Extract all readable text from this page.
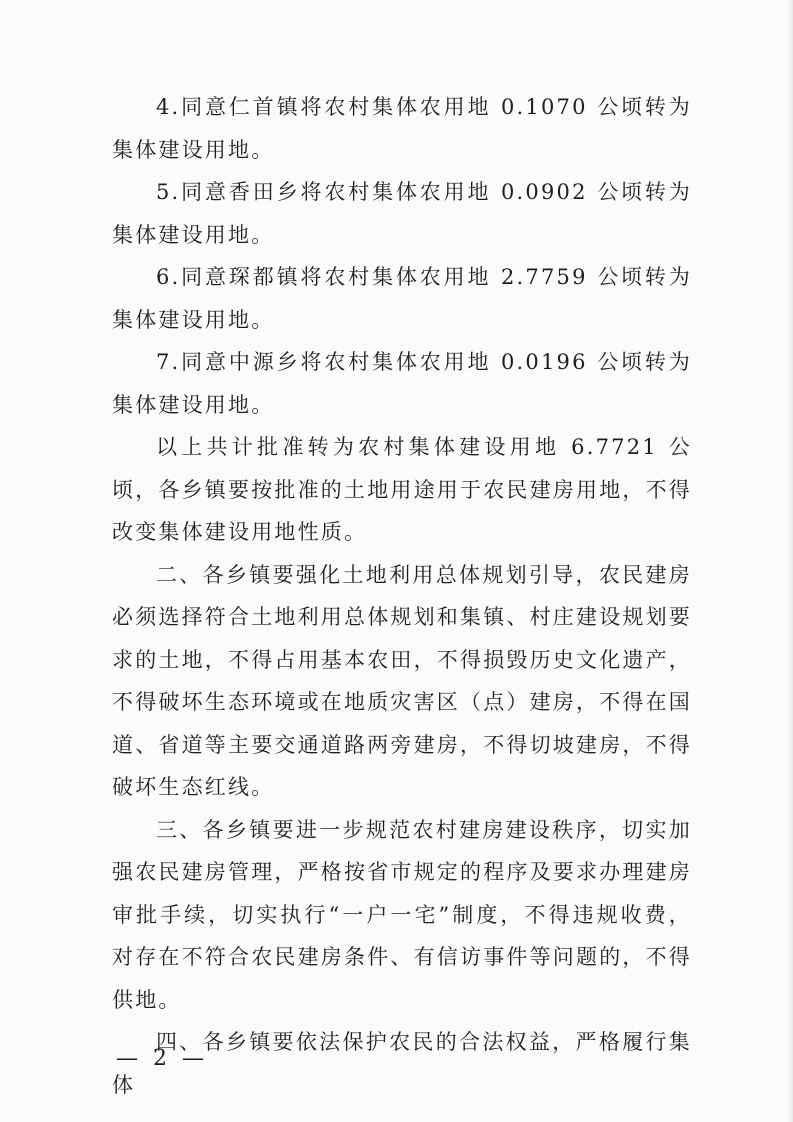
4.同意仁首镇将农村集体农用地 0.1070 公顷转为集体建设用地。

5.同意香田乡将农村集体农用地 0.0902 公顷转为集体建设用地。

6.同意琛都镇将农村集体农用地 2.7759 公顷转为集体建设用地。

7.同意中源乡将农村集体农用地 0.0196 公顷转为集体建设用地。

以上共计批准转为农村集体建设用地 6.7721 公顷，各乡镇要按批准的土地用途用于农民建房用地，不得改变集体建设用地性质。

二、各乡镇要强化土地利用总体规划引导，农民建房必须选择符合土地利用总体规划和集镇、村庄建设规划要求的土地，不得占用基本农田，不得损毁历史文化遗产，不得破坏生态环境或在地质灾害区（点）建房，不得在国道、省道等主要交通道路两旁建房，不得切坡建房，不得破坏生态红线。

三、各乡镇要进一步规范农村建房建设秩序，切实加强农民建房管理，严格按省市规定的程序及要求办理建房审批手续，切实执行“一户一宅”制度，不得违规收费，对存在不符合农民建房条件、有信访事件等问题的，不得供地。

四、各乡镇要依法保护农民的合法权益，严格履行集体

— 2 —
